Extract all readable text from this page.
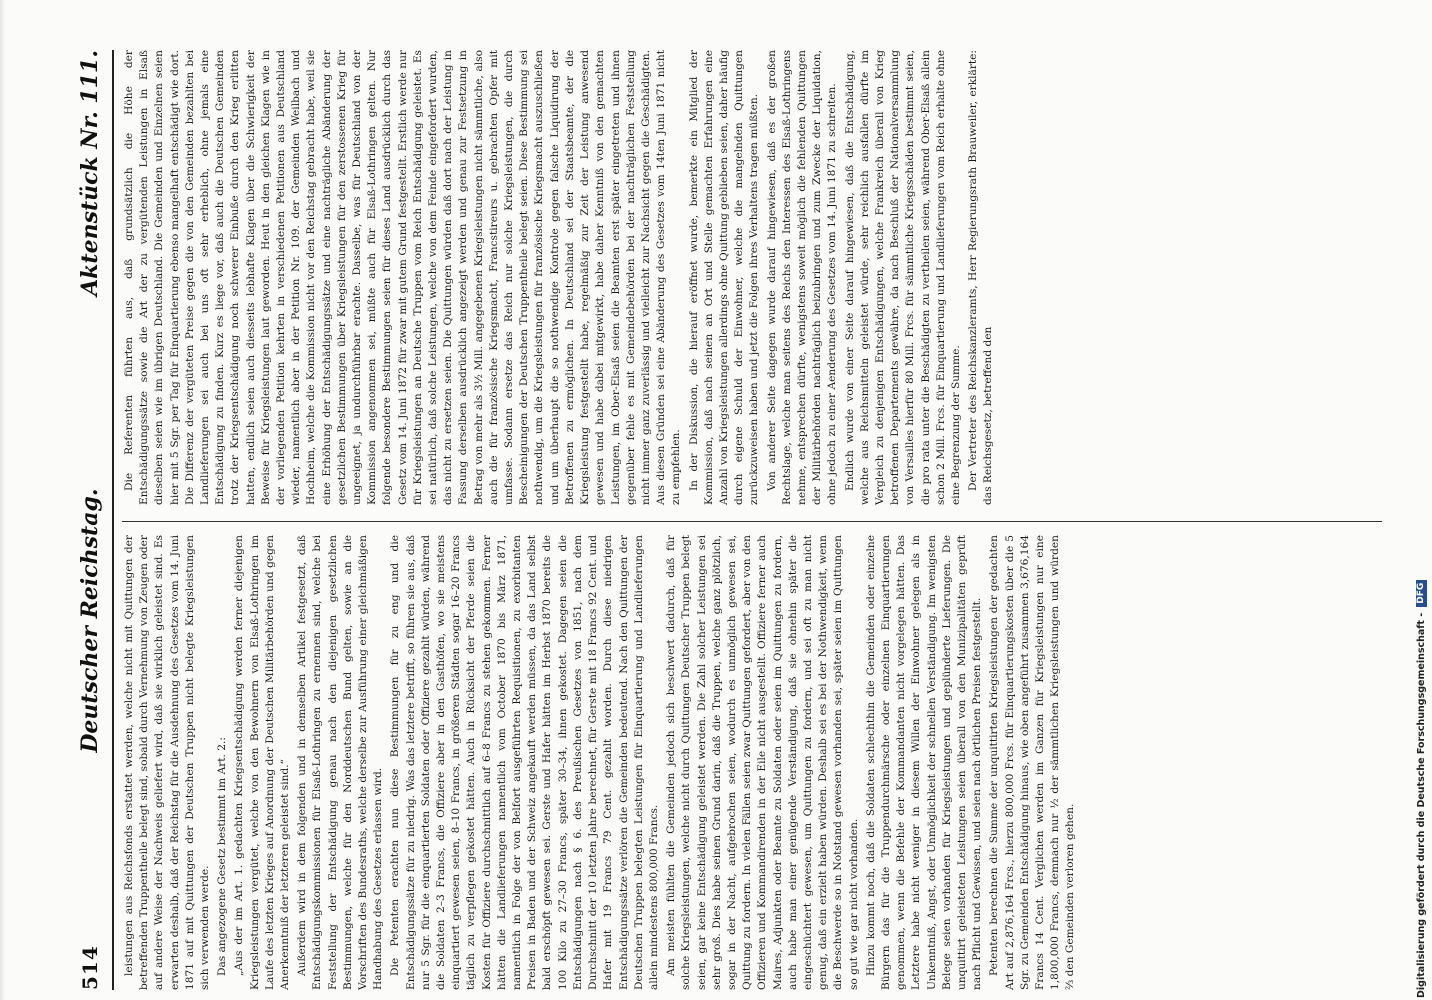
514
Deutscher Reichstag.
Aktenstück Nr. 111.

leistungen aus Reichsfonds erstattet werden, welche nicht mit Quittungen der betreffenden Truppentheile belegt sind, sobald durch Vernehmung von Zeugen oder auf andere Weise der Nachweis geliefert wird, daß sie wirklich geleistet sind. Es erwarten deshalb, daß der Reichstag für die Ausdehnung des Gesetzes vom 14. Juni 1871 auf mit Quittungen der Deutschen Truppen nicht belegte Kriegsleistungen sich verwenden werde. Das angezogene Gesetz bestimmt im Art. 2.: „Aus der im Art. 1. gedachten Kriegsentschädigung werden ferner diejenigen Kriegsleistungen vergütet, welche von den Bewohnern von Elsaß-Lothringen im Laufe des letzten Krieges auf Anordnung der Deutschen Militärbehörden und gegen Anerkenntniß der letzteren geleistet sind.“ Außerdem wird in dem folgenden und in demselben Artikel festgesetzt, daß Entschädigungskommissionen für Elsaß-Lothringen zu ernennen sind, welche bei Feststellung der Entschädigung genau nach den diejenigen gesetzlichen Bestimmungen, welche für den Norddeutschen Bund gelten, sowie an die Vorschriften des Bundesraths, welche derselbe zur Ausführung einer gleichmäßigen Handhabung des Gesetzes erlassen wird. Die Petenten erachten nun diese Bestimmungen für zu eng und die Entschädigungssätze für zu niedrig. Was das letztere betrifft, so führen sie aus, daß nur 5 Sgr. für die einquartierten Soldaten oder Offiziere gezahlt würden, während die Soldaten 2–3 Francs, die Offiziere aber in den Gasthöfen, wo sie meistens einquartiert gewesen seien, 8–10 Francs, in größeren Städten sogar 16–20 Francs täglich zu verpflegen gekostet hätten. Auch in Rücksicht der Pferde seien die Kosten für Offiziere durchschnittlich auf 6–8 Francs zu stehen gekommen. Ferner hätten die Landlieferungen namentlich vom October 1870 bis März 1871, namentlich in Folge der von Belfort ausgeführten Requisitionen, zu exorbitanten Preisen in Baden und der Schweiz angekauft werden müssen, da das Land selbst bald erschöpft gewesen sei. Gerste und Hafer hätten im Herbst 1870 bereits die 100 Kilo zu 27–30 Francs, später 30–34, ihnen gekostet. Dagegen seien die Entschädigungen nach § 6. des Preußischen Gesetzes von 1851, nach dem Durchschnitt der 10 letzten Jahre berechnet, für Gerste mit 18 Francs 92 Cent. und Hafer mit 19 Francs 79 Cent. gezahlt worden. Durch diese niedrigen Entschädigungssätze verlören die Gemeinden bedeutend. Nach den Quittungen der Deutschen Truppen belegten Leistungen für Einquartierung und Landlieferungen allein mindestens 800,000 Francs. Am meisten fühlten die Gemeinden jedoch sich beschwert dadurch, daß für solche Kriegsleistungen, welche nicht durch Quittungen Deutscher Truppen belegt seien, gar keine Entschädigung geleistet werden. Die Zahl solcher Leistungen sei sehr groß. Dies habe seinen Grund darin, daß die Truppen, welche ganz plötzlich, sogar in der Nacht, aufgebrochen seien, wodurch es unmöglich gewesen sei, Quittung zu fordern. In vielen Fällen seien zwar Quittungen gefordert, aber von den Offizieren und Kommandirenden in der Eile nicht ausgestellt. Offiziere ferner auch Maires, Adjunkten oder Beamte zu Soldaten oder seien im Quittungen zu fordern, auch habe man einer genügende Verständigung, daß sie ohnehin später die eingeschüchtert gewesen, um Quittungen zu fordern, und sei oft zu man nicht genug, daß ein erzielt haben würden. Deshalb sei es bei der Nothwendigkeit, wenn die Beschwerde so in Notstand gewesen vorhanden sei, später seien im Quittungen so gut wie gar nicht vorhanden. Hinzu kommt noch, daß die Soldaten schlechthin die Gemeinden oder einzelne Bürgern das für die Truppendurchmärsche oder einzelnen Einquartierungen genommen, wenn die Befehle der Kommandanten nicht vorgelegen hätten. Das Letztere habe nicht weniger in diesem Willen der Einwohner gelegen als in Unkenntniß, Angst, oder Unmöglichkeit der schnellen Verständigung. Im wenigsten Belege seien vorhanden für Kriegsleistungen und geplünderte Lieferungen. Die unquittirt geleisteten Leistungen seien überall von den Munizipalitäten geprüft nach Pflicht und Gewissen, und seien nach örtlichen Preisen festgestellt. Petenten berechnen die Summe der unquittirten Kriegsleistungen der gedachten Art auf 2,876,164 Frcs., hierzu 800,000 Frcs. für Einquartierungskosten über die 5 Sgr. zu Gemeinden Entschädigung hinaus, wie oben angeführt zusammen 3,676,164 Francs 14 Cent. Verglichen werden im Ganzen für Kriegsleistungen nur eine 1,800,000 Francs, demnach nur ½ der sämmtlichen Kriegsleistungen und würden ⅔ den Gemeinden verloren gehen.

Die Referenten führten aus, daß grundsätzlich die Höhe der Entschädigungssätze sowie die Art der zu vergütenden Leistungen in Elsaß dieselben seien wie im übrigen Deutschland. Die Gemeinden und Einzelnen seien hier mit 5 Sgr. per Tag für Einquartierung ebenso mangelhaft entschädigt wie dort. Die Differenz der vergüteten Preise gegen die von den Gemeinden bezahlten bei Landlieferungen sei auch bei uns oft sehr erheblich, ohne jemals eine Entschädigung zu finden. Kurz es liege vor, daß auch die Deutschen Gemeinden trotz der Kriegsentschädigung noch schwerer Einbuße durch den Krieg erlitten hatten, endlich seien auch diesseits lebhafte Klagen über die Schwierigkeit der Beweise für Kriegsleistungen laut geworden. Heut in den gleichen Klagen wie in der vorliegenden Petition kehrten in verschiedenen Petitionen aus Deutschland wieder, namentlich aber in der Petition Nr. 109. der Gemeinden Weilbach und Hochheim, welche die Kommission nicht vor den Reichstag gebracht habe, weil sie eine Erhöhung der Entschädigungssätze und eine nachträgliche Abänderung der gesetzlichen Bestimmungen über Kriegsleistungen für den zerstossenen Krieg für ungeeignet, ja undurchführbar erachte. Dasselbe, was für Deutschland von der Kommission angenommen sei, müßte auch für Elsaß-Lothringen gelten. Nur folgende besondere Bestimmungen seien für dieses Land ausdrücklich durch das Gesetz vom 14. Juni 1872 für zwar mit gutem Grund festgestellt. Erstlich werde nur für Kriegsleistungen an Deutsche Truppen vom Reich Entschädigung geleistet. Es sei natürlich, daß solche Leistungen, welche von dem Feinde eingefordert wurden, das nicht zu ersetzen seien. Die Quittungen würden daß dort nach der Leistung in Fassung derselben ausdrücklich angezeigt werden und genau zur Festsetzung in Betrag von mehr als 3½ Mill. angegebenen Kriegsleistungen nicht sämmtliche, also auch die für französische Kriegsmacht, Francstireurs u. gebrachten Opfer mit umfasse. Sodann ersetze das Reich nur solche Kriegsleistungen, die durch Bescheinigungen der Deutschen Truppentheile belegt seien. Diese Bestimmung sei nothwendig, um die Kriegsleistungen für französische Kriegsmacht auszuschließen und um überhaupt die so nothwendige Kontrole gegen falsche Liquidirung der Betroffenen zu ermöglichen. In Deutschland sei der Staatsbeamte, der die Kriegsleistung festgestellt habe, regelmäßig zur Zeit der Leistung anwesend gewesen und habe dabei mitgewirkt, habe daher Kenntniß von den gemachten Leistungen, im Ober-Elsaß seien die Beamten erst später eingetreten und ihnen gegenüber fehle es mit Gemeindebehörden bei der nachträglichen Feststellung nicht immer ganz zuverlässig und vielleicht zur Nachsicht gegen die Geschädigten. Aus diesen Gründen sei eine Abänderung des Gesetzes vom 14ten Juni 1871 nicht zu empfehlen. In der Diskussion, die hierauf eröffnet wurde, bemerkte ein Mitglied der Kommission, daß nach seinen an Ort und Stelle gemachten Erfahrungen eine Anzahl von Kriegsleistungen allerdings ohne Quittung geblieben seien, daher häufig durch eigene Schuld der Einwohner, welche die mangelnden Quittungen zurückzuweisen haben und jetzt die Folgen ihres Verhaltens tragen müßten. Von anderer Seite dagegen wurde darauf hingewiesen, daß es der großen Rechtslage, welche man seitens des Reichs den Interessen des Elsaß-Lothringens nehme, entsprechen dürfte, wenigstens soweit möglich die fehlenden Quittungen der Militärbehörden nachträglich beizubringen und zum Zwecke der Liquidation, ohne jedoch zu einer Aenderung des Gesetzes vom 14. Juni 1871 zu schreiten. Endlich wurde von einer Seite darauf hingewiesen, daß die Entschädigung, welche aus Reichsmitteln geleistet würde, sehr reichlich ausfallen dürfte im Vergleich zu denjenigen Entschädigungen, welche Frankreich überall von Krieg betroffenen Departements gewähre, da nach Beschluß der Nationalversammlung von Versailles hierfür 80 Mill. Frcs. für sämmtliche Kriegsschäden bestimmt seien, die pro rata unter die Beschädigten zu vertheilen seien, während Ober-Elsaß allein schon 2 Mill. Frcs. für Einquartierung und Landlieferungen vom Reich erhalte ohne eine Begrenzung der Summe. Der Vertreter des Reichskanzleramts, Herr Regierungsrath Brauweiler, erklärte: das Reichsgesetz, betreffend den

Digitalisierung gefördert durch die Deutsche Forschungsgemeinschaft -
DFG
